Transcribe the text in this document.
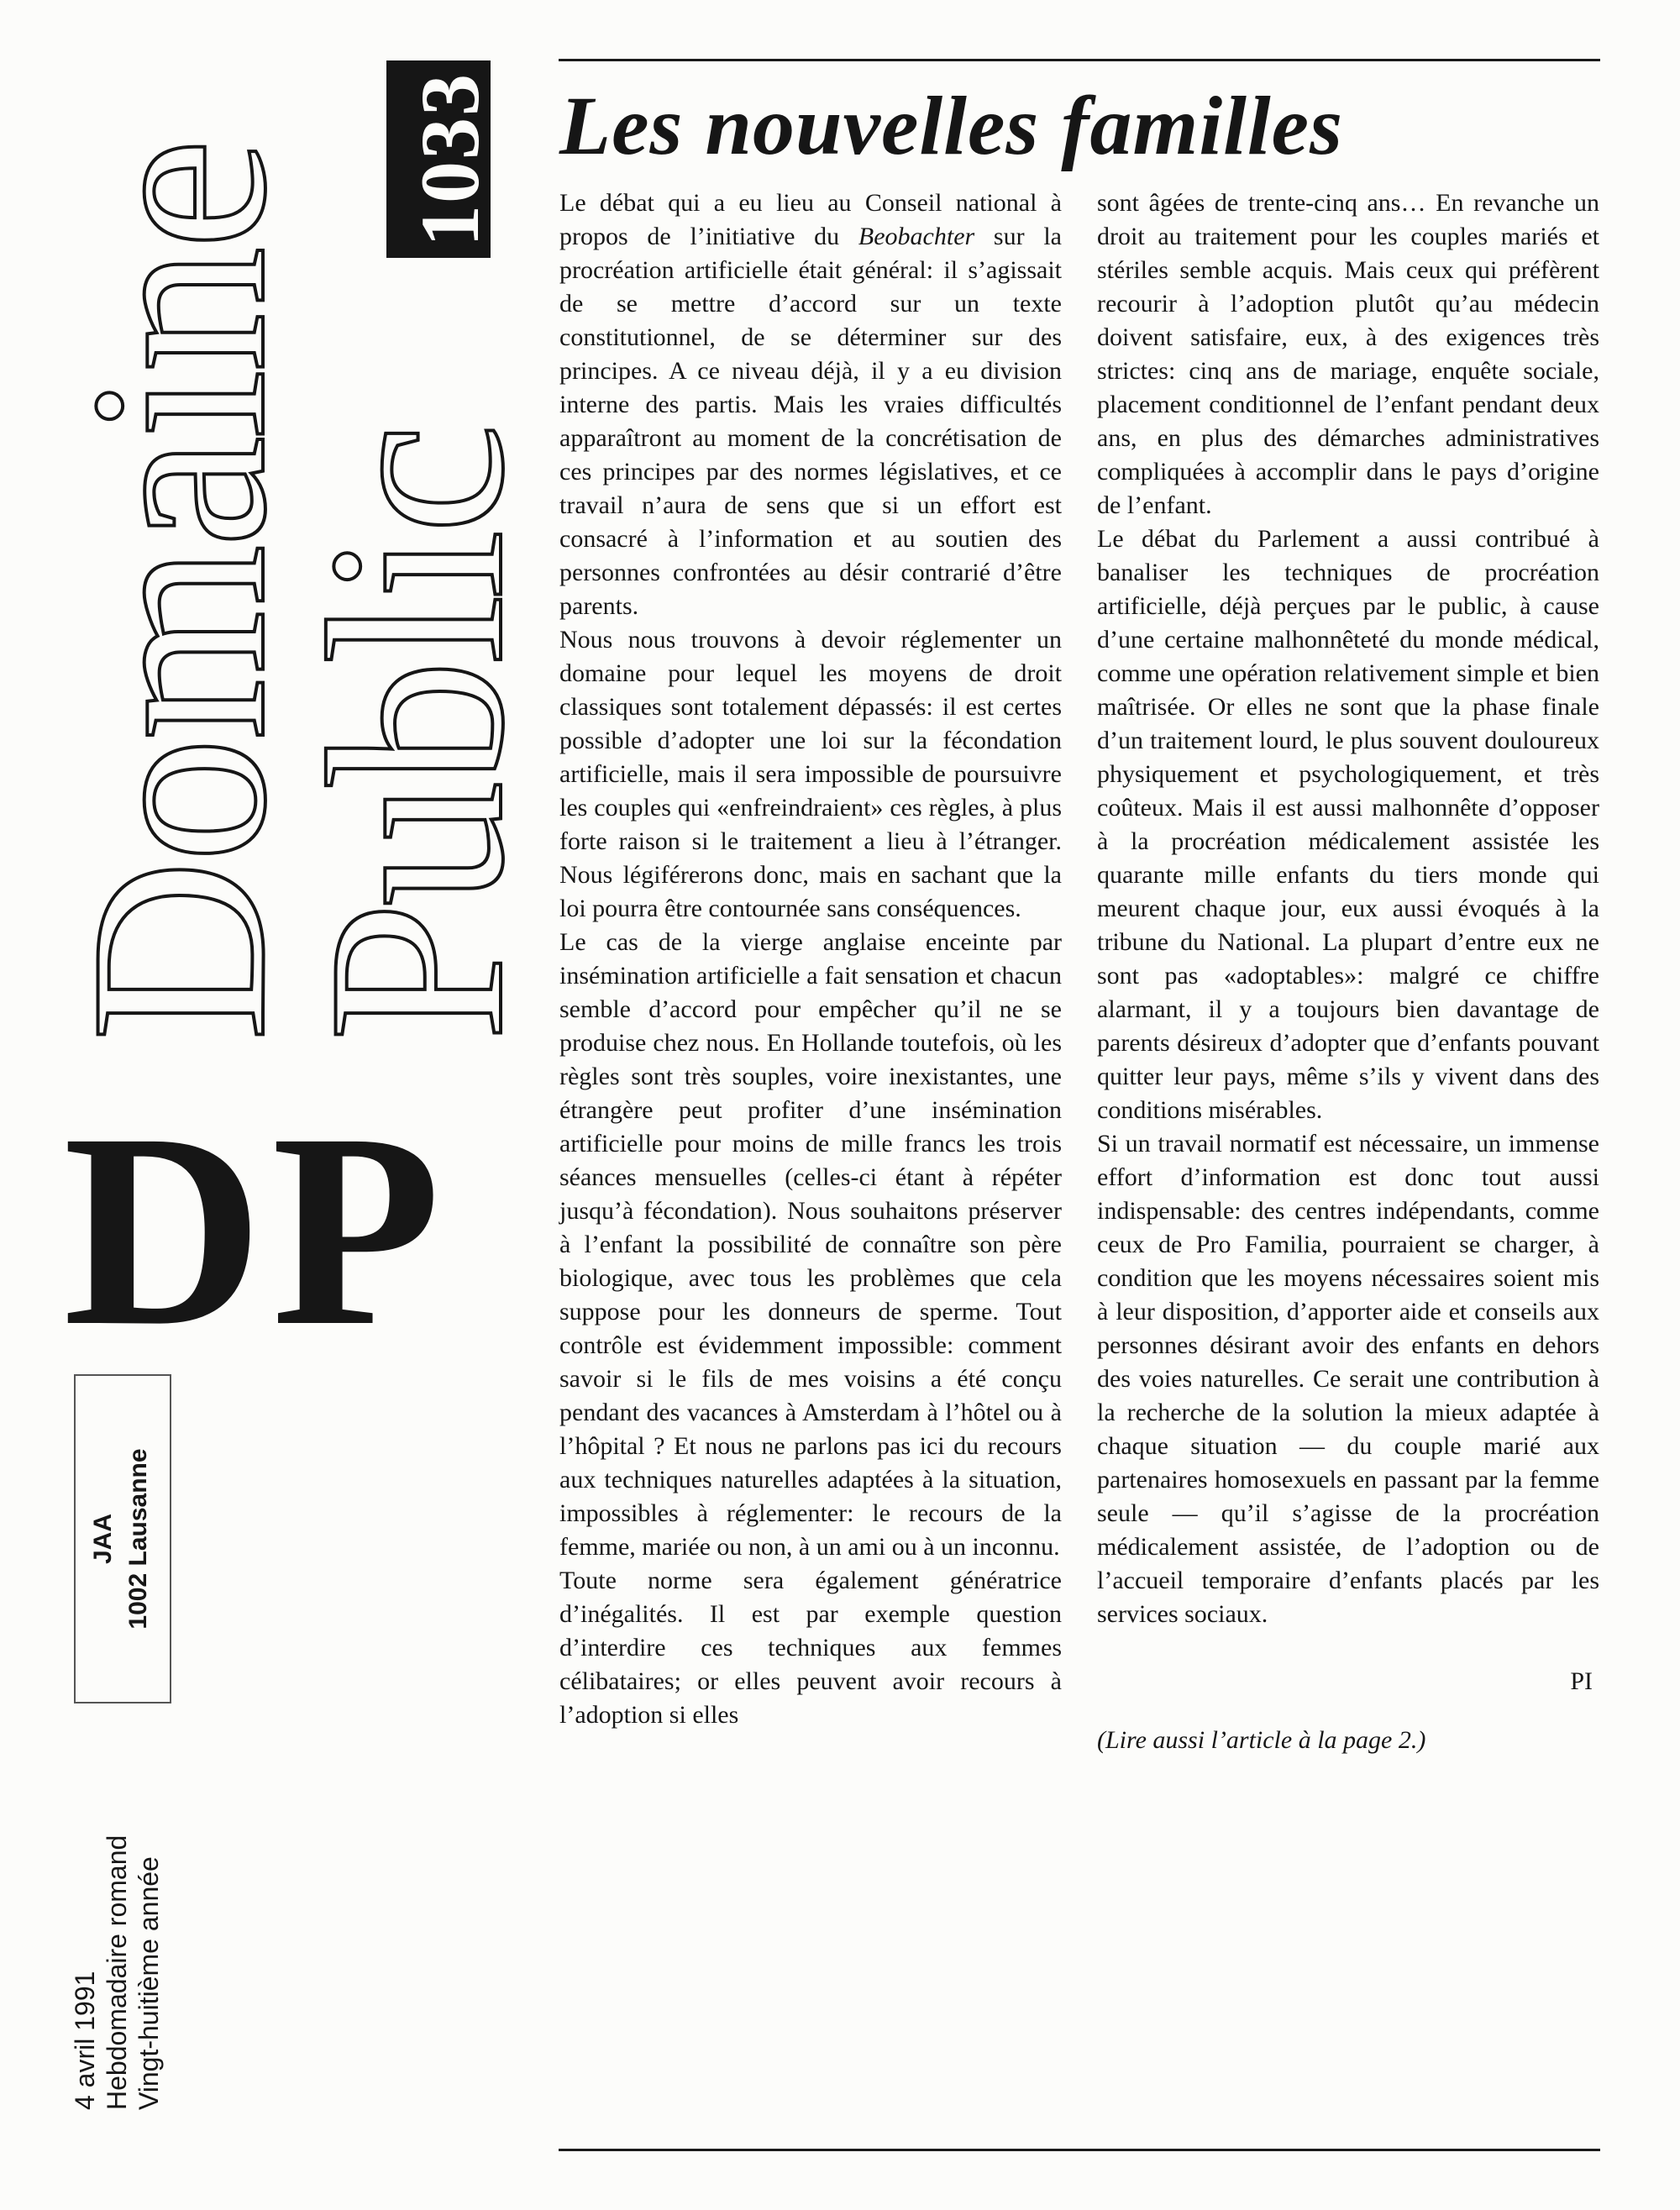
Domaine
Public
1033
DP
JAA 1002 Lausanne
4 avril 1991 Hebdomadaire romand Vingt-huitième année
Les nouvelles familles

Le débat qui a eu lieu au Conseil national à propos de l’initiative du Beobachter sur la procréation artificielle était général: il s’agissait de se mettre d’accord sur un texte constitutionnel, de se déterminer sur des principes. A ce niveau déjà, il y a eu division interne des partis. Mais les vraies difficultés apparaîtront au moment de la concrétisation de ces principes par des normes législatives, et ce travail n’aura de sens que si un effort est consacré à l’information et au soutien des personnes confrontées au désir contrarié d’être parents.

Nous nous trouvons à devoir réglementer un domaine pour lequel les moyens de droit classiques sont totalement dépassés: il est certes possible d’adopter une loi sur la fécondation artificielle, mais il sera impossible de poursuivre les couples qui «enfreindraient» ces règles, à plus forte raison si le traitement a lieu à l’étranger. Nous légiférerons donc, mais en sachant que la loi pourra être contournée sans conséquences.

Le cas de la vierge anglaise enceinte par insémination artificielle a fait sensation et chacun semble d’accord pour empêcher qu’il ne se produise chez nous. En Hollande toutefois, où les règles sont très souples, voire inexistantes, une étrangère peut profiter d’une insémination artificielle pour moins de mille francs les trois séances mensuelles (celles-ci étant à répéter jusqu’à fécondation). Nous souhaitons préserver à l’enfant la possibilité de connaître son père biologique, avec tous les problèmes que cela suppose pour les donneurs de sperme. Tout contrôle est évidemment impossible: comment savoir si le fils de mes voisins a été conçu pendant des vacances à Amsterdam à l’hôtel ou à l’hôpital ? Et nous ne parlons pas ici du recours aux techniques naturelles adaptées à la situation, impossibles à réglementer: le recours de la femme, mariée ou non, à un ami ou à un inconnu.

Toute norme sera également génératrice d’inégalités. Il est par exemple question d’interdire ces techniques aux femmes célibataires; or elles peuvent avoir recours à l’adoption si elles

sont âgées de trente-cinq ans… En revanche un droit au traitement pour les couples mariés et stériles semble acquis. Mais ceux qui préfèrent recourir à l’adoption plutôt qu’au médecin doivent satisfaire, eux, à des exigences très strictes: cinq ans de mariage, enquête sociale, placement conditionnel de l’enfant pendant deux ans, en plus des démarches administratives compliquées à accomplir dans le pays d’origine de l’enfant.

Le débat du Parlement a aussi contribué à banaliser les techniques de procréation artificielle, déjà perçues par le public, à cause d’une certaine malhonnêteté du monde médical, comme une opération relativement simple et bien maîtrisée. Or elles ne sont que la phase finale d’un traitement lourd, le plus souvent douloureux physiquement et psychologiquement, et très coûteux. Mais il est aussi malhonnête d’opposer à la procréation médicalement assistée les quarante mille enfants du tiers monde qui meurent chaque jour, eux aussi évoqués à la tribune du National. La plupart d’entre eux ne sont pas «adoptables»: malgré ce chiffre alarmant, il y a toujours bien davantage de parents désireux d’adopter que d’enfants pouvant quitter leur pays, même s’ils y vivent dans des conditions misérables.

Si un travail normatif est nécessaire, un immense effort d’information est donc tout aussi indispensable: des centres indépendants, comme ceux de Pro Familia, pourraient se charger, à condition que les moyens nécessaires soient mis à leur disposition, d’apporter aide et conseils aux personnes désirant avoir des enfants en dehors des voies naturelles. Ce serait une contribution à la recherche de la solution la mieux adaptée à chaque situation — du couple marié aux partenaires homosexuels en passant par la femme seule — qu’il s’agisse de la procréation médicalement assistée, de l’adoption ou de l’accueil temporaire d’enfants placés par les services sociaux.

PI

(Lire aussi l’article à la page 2.)
